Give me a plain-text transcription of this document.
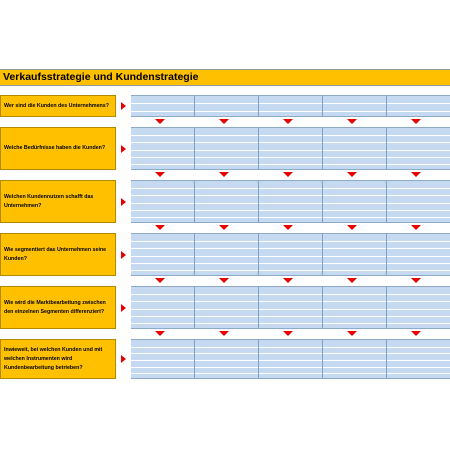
Verkaufsstrategie und Kundenstrategie
Wer sind die Kunden des Unternehmens?
Welche Bedürfnisse haben die Kunden?
Welchen Kundennutzen schafft das Unternehmen?
Wie segmentiert das Unternehmen seine Kunden?
Wie wird die Marktbearbeitung zwischen den einzelnen Segmenten differenziert?
Inwieweit, bei welchen Kunden und mit welchen Instrumenten wird Kundenbearbeitung betrieben?
